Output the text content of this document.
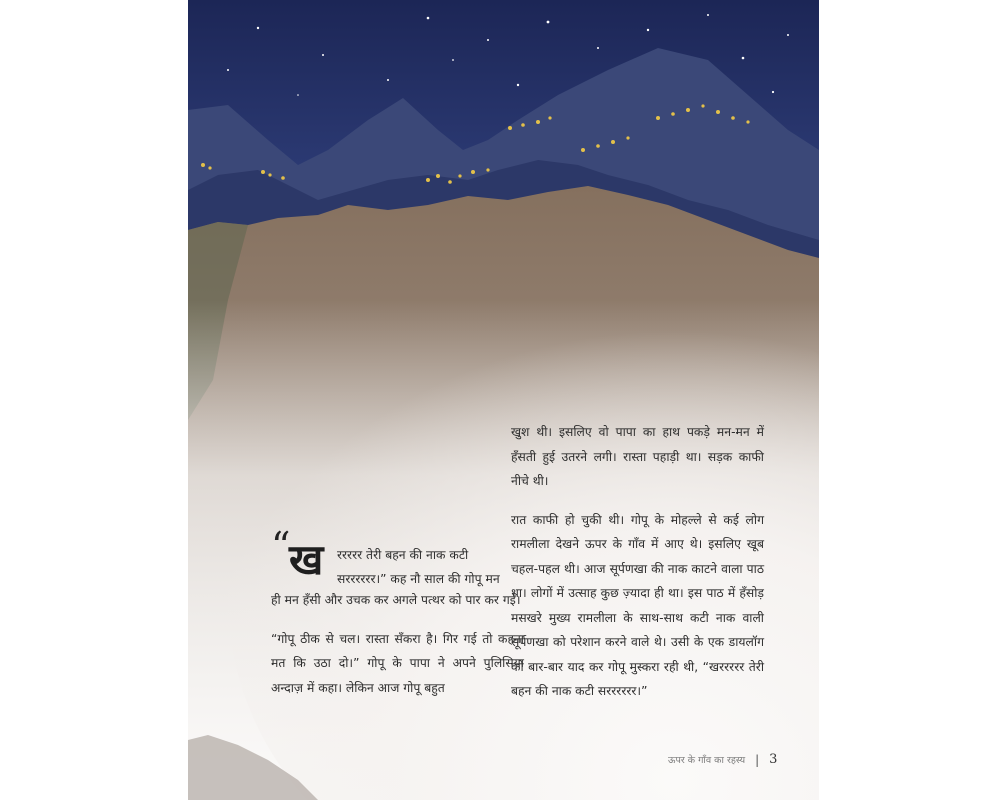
“
ख ररररर तेरी बहन की नाक कटी
सरररररर।” कह नौ साल की गोपू मन

ही मन हँसी और उचक कर अगले पत्थर को पार कर गई।

“गोपू ठीक से चल। रास्ता सँकरा है। गिर गई तो कहना मत कि उठा दो।” गोपू के पापा ने अपने पुलिसिया अन्दाज़ में कहा। लेकिन आज गोपू बहुत

खुश थी। इसलिए वो पापा का हाथ पकड़े मन-मन में हँसती हुई उतरने लगी। रास्ता पहाड़ी था। सड़क काफी नीचे थी।

रात काफी हो चुकी थी। गोपू के मोहल्ले से कई लोग रामलीला देखने ऊपर के गाँव में आए थे। इसलिए खूब चहल-पहल थी। आज सूर्पणखा की नाक काटने वाला पाठ था। लोगों में उत्साह कुछ ज़्यादा ही था। इस पाठ में हँसोड़ मसखरे मुख्य रामलीला के साथ-साथ कटी नाक वाली सूर्पणखा को परेशान करने वाले थे। उसी के एक डायलॉग को बार-बार याद कर गोपू मुस्करा रही थी, “खररररर तेरी बहन की नाक कटी सरररररर।”

ऊपर के गाँव का रहस्य | 3
